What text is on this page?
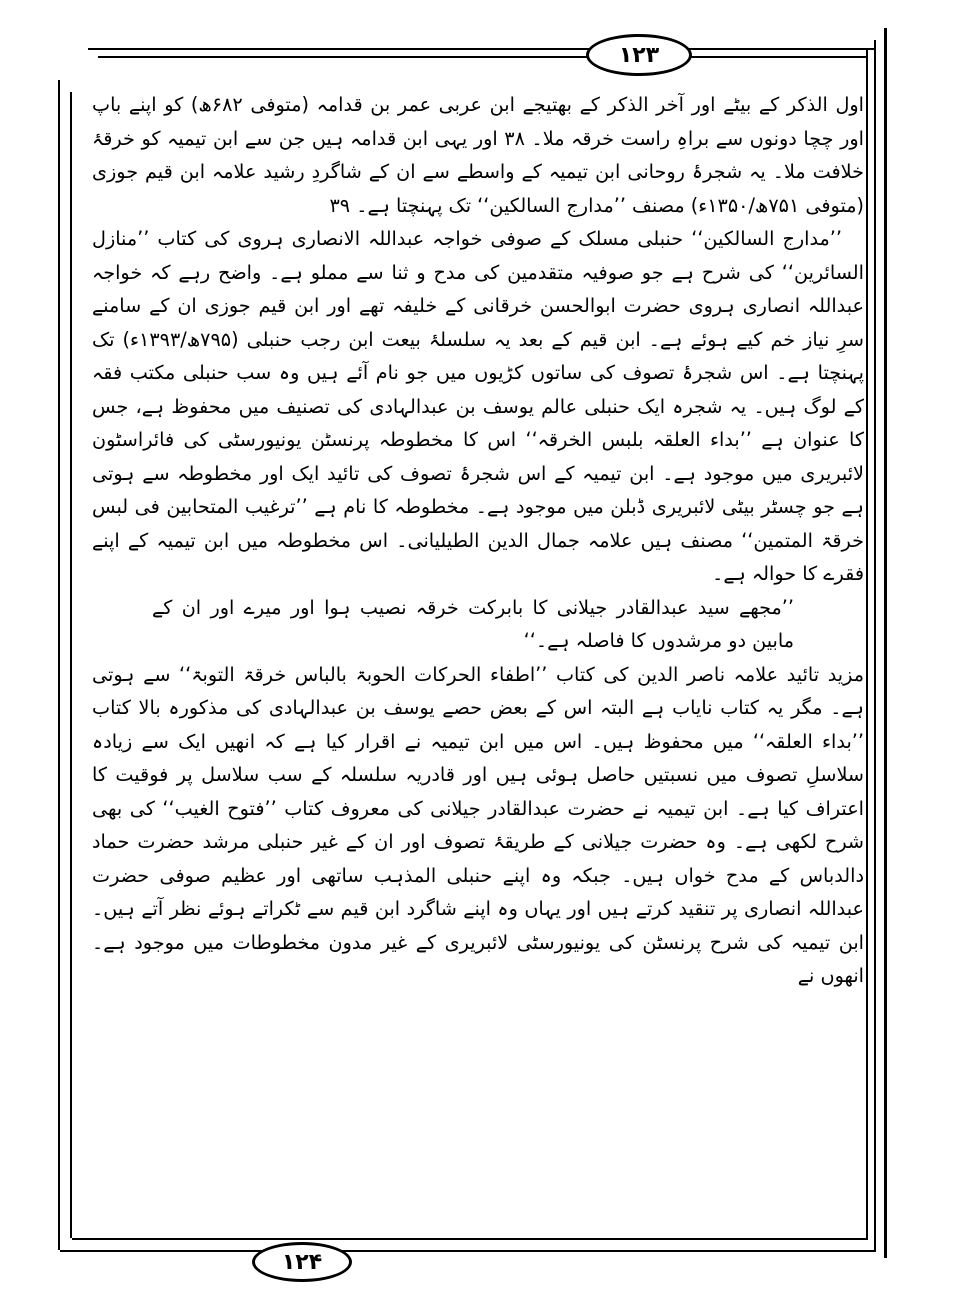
۱۲۳
۱۲۴

اول الذکر کے بیٹے اور آخر الذکر کے بھتیجے ابن عربی عمر بن قدامہ (متوفی ۶۸۲ھ) کو اپنے باپ اور چچا دونوں سے براہِ راست خرقہ ملا۔ ۳۸ اور یہی ابن قدامہ ہیں جن سے ابن تیمیہ کو خرقۂ خلافت ملا۔ یہ شجرۂ روحانی ابن تیمیہ کے واسطے سے ان کے شاگردِ رشید علامہ ابن قیم جوزی (متوفی ۷۵۱ھ/۱۳۵۰ء) مصنف ’’مدارج السالکین‘‘ تک پہنچتا ہے۔ ۳۹

’’مدارج السالکین‘‘ حنبلی مسلک کے صوفی خواجہ عبداللہ الانصاری ہروی کی کتاب ’’منازل السائرین‘‘ کی شرح ہے جو صوفیہ متقدمین کی مدح و ثنا سے مملو ہے۔ واضح رہے کہ خواجہ عبداللہ انصاری ہروی حضرت ابوالحسن خرقانی کے خلیفہ تھے اور ابن قیم جوزی ان کے سامنے سرِ نیاز خم کیے ہوئے ہے۔ ابن قیم کے بعد یہ سلسلۂ بیعت ابن رجب حنبلی (۷۹۵ھ/۱۳۹۳ء) تک پہنچتا ہے۔ اس شجرۂ تصوف کی ساتوں کڑیوں میں جو نام آئے ہیں وہ سب حنبلی مکتب فقہ کے لوگ ہیں۔ یہ شجرہ ایک حنبلی عالم یوسف بن عبدالہادی کی تصنیف میں محفوظ ہے، جس کا عنوان ہے ’’بداء العلقہ بلبس الخرقہ‘‘ اس کا مخطوطہ پرنسٹن یونیورسٹی کی فائراسٹون لائبریری میں موجود ہے۔ ابن تیمیہ کے اس شجرۂ تصوف کی تائید ایک اور مخطوطہ سے ہوتی ہے جو چسٹر بیٹی لائبریری ڈبلن میں موجود ہے۔ مخطوطہ کا نام ہے ’’ترغیب المتحابین فی لبس خرقۃ المتمین‘‘ مصنف ہیں علامہ جمال الدین الطیلیانی۔ اس مخطوطہ میں ابن تیمیہ کے اپنے فقرے کا حوالہ ہے۔

’’مجھے سید عبدالقادر جیلانی کا بابرکت خرقہ نصیب ہوا اور میرے اور ان کے مابین دو مرشدوں کا فاصلہ ہے۔‘‘

مزید تائید علامہ ناصر الدین کی کتاب ’’اطفاء الحرکات الحوبۃ بالباس خرقۃ التوبۃ‘‘ سے ہوتی ہے۔ مگر یہ کتاب نایاب ہے البتہ اس کے بعض حصے یوسف بن عبدالہادی کی مذکورہ بالا کتاب ’’بداء العلقہ‘‘ میں محفوظ ہیں۔ اس میں ابن تیمیہ نے اقرار کیا ہے کہ انھیں ایک سے زیادہ سلاسلِ تصوف میں نسبتیں حاصل ہوئی ہیں اور قادریہ سلسلہ کے سب سلاسل پر فوقیت کا اعتراف کیا ہے۔ ابن تیمیہ نے حضرت عبدالقادر جیلانی کی معروف کتاب ’’فتوح الغیب‘‘ کی بھی شرح لکھی ہے۔ وہ حضرت جیلانی کے طریقۂ تصوف اور ان کے غیر حنبلی مرشد حضرت حماد دالدباس کے مدح خواں ہیں۔ جبکہ وہ اپنے حنبلی المذہب ساتھی اور عظیم صوفی حضرت عبداللہ انصاری پر تنقید کرتے ہیں اور یہاں وہ اپنے شاگرد ابن قیم سے ٹکراتے ہوئے نظر آتے ہیں۔ ابن تیمیہ کی شرح پرنسٹن کی یونیورسٹی لائبریری کے غیر مدون مخطوطات میں موجود ہے۔ انھوں نے
